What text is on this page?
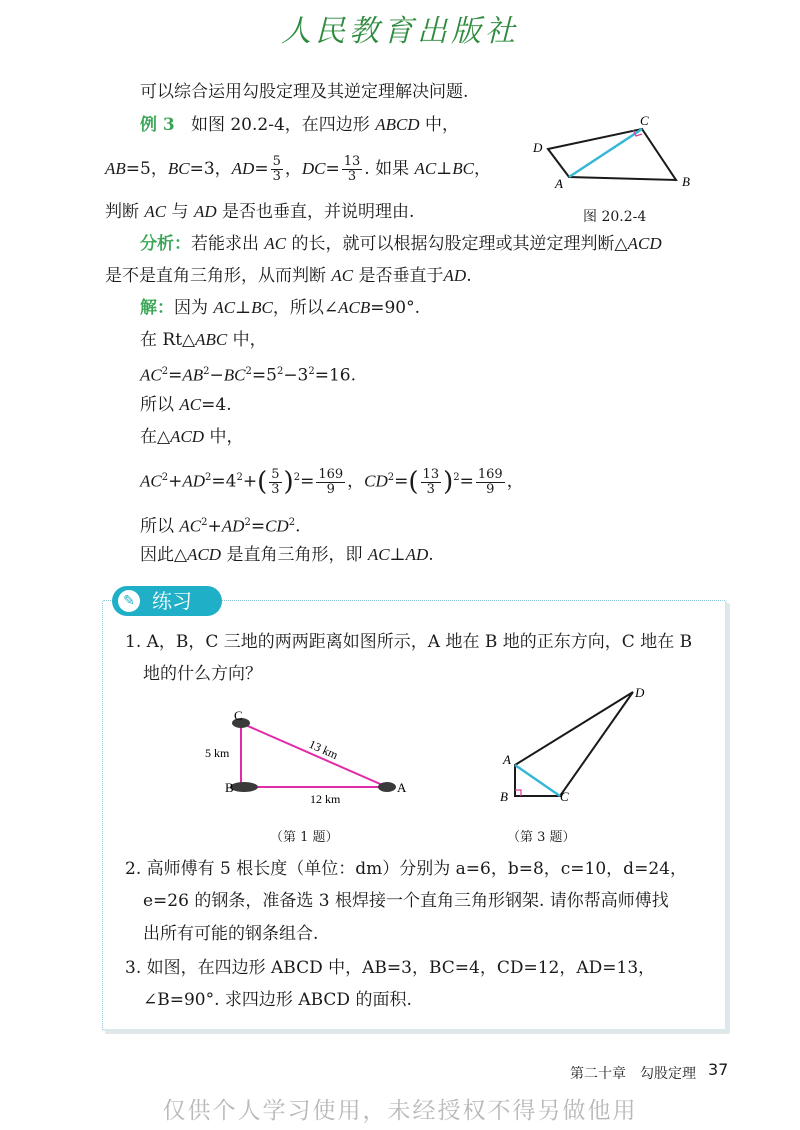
人民教育出版社
可以综合运用勾股定理及其逆定理解决问题.
例 3   如图 20.2-4，在四边形 ABCD 中，
AB=5，BC=3，$AD= \frac{5}{3}$ ，$DC= \frac{13}{3}$ . 如果 AC⊥BC，
判断 AC 与 AD 是否也垂直，并说明理由.
A	B
C
D
图 20.2-4
分析：若能求出 AC 的长，就可以根据勾股定理或其逆定理判断△ACD
是不是直角三角形，从而判断 AC 是否垂直于AD.
解：因为 AC⊥BC，所以∠ACB=90°.
在 Rt△ABC 中，
$AC^2=AB^2-BC^2=5^2-3^2=16$.
所以 AC=4.
在△ACD 中，
$AC^2+AD^2=4^2+( \frac{5}{3} )^2= \frac{169}{9}$ ，$CD^2=( \frac{13}{3} )^2= \frac{169}{9}$ ，
所以 $AC^2+AD^2=CD^2$.
因此△ACD 是直角三角形，即 AC⊥AD.
✎ 练习
1. A，B，C 三地的两两距离如图所示，A 地在 B 地的正东方向，C 地在 B
地的什么方向？
C
B	A
5 km	13 km
12 km
（第 1 题）
A
B	C
D
（第 3 题）
2. 高师傅有 5 根长度（单位：dm）分别为 a=6，b=8，c=10，d=24，
e=26 的钢条，准备选 3 根焊接一个直角三角形钢架. 请你帮高师傅找
出所有可能的钢条组合.
3. 如图，在四边形 ABCD 中，AB=3，BC=4，CD=12，AD=13，
∠B=90°. 求四边形 ABCD 的面积.
第二十章　勾股定理 37
仅供个人学习使用，未经授权不得另做他用
